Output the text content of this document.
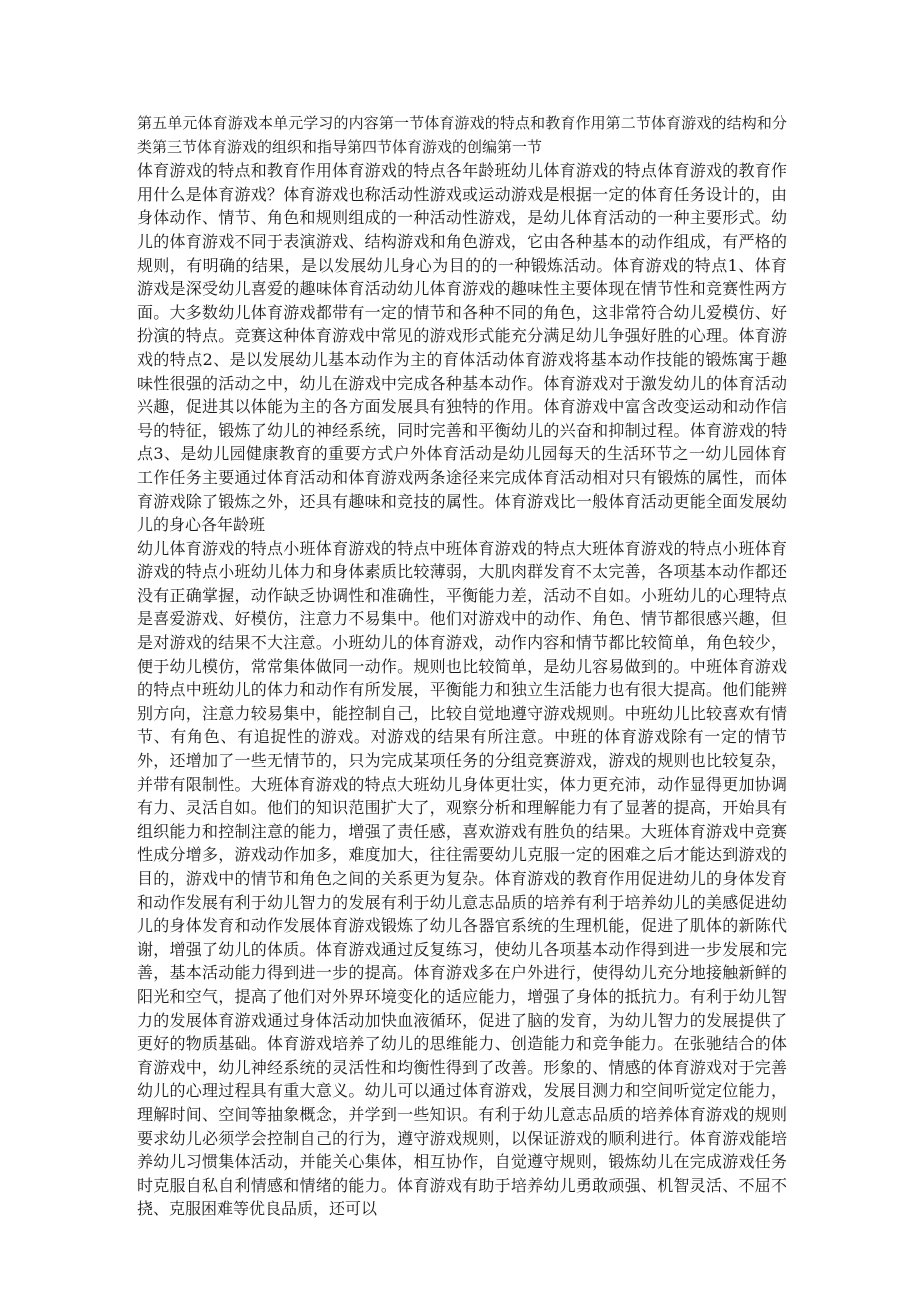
第五单元体育游戏本单元学习的内容第一节体育游戏的特点和教育作用第二节体育游戏的结构和分类第三节体育游戏的组织和指导第四节体育游戏的创编第一节

体育游戏的特点和教育作用体育游戏的特点各年龄班幼儿体育游戏的特点体育游戏的教育作用什么是体育游戏？体育游戏也称活动性游戏或运动游戏是根据一定的体育任务设计的，由身体动作、情节、角色和规则组成的一种活动性游戏，是幼儿体育活动的一种主要形式。幼儿的体育游戏不同于表演游戏、结构游戏和角色游戏，它由各种基本的动作组成，有严格的规则，有明确的结果，是以发展幼儿身心为目的的一种锻炼活动。体育游戏的特点1、体育游戏是深受幼儿喜爱的趣味体育活动幼儿体育游戏的趣味性主要体现在情节性和竞赛性两方面。大多数幼儿体育游戏都带有一定的情节和各种不同的角色，这非常符合幼儿爱模仿、好扮演的特点。竞赛这种体育游戏中常见的游戏形式能充分满足幼儿争强好胜的心理。体育游戏的特点2、是以发展幼儿基本动作为主的育体活动体育游戏将基本动作技能的锻炼寓于趣味性很强的活动之中，幼儿在游戏中完成各种基本动作。体育游戏对于激发幼儿的体育活动兴趣，促进其以体能为主的各方面发展具有独特的作用。体育游戏中富含改变运动和动作信号的特征，锻炼了幼儿的神经系统，同时完善和平衡幼儿的兴奋和抑制过程。体育游戏的特点3、是幼儿园健康教育的重要方式户外体育活动是幼儿园每天的生活环节之一幼儿园体育工作任务主要通过体育活动和体育游戏两条途径来完成体育活动相对只有锻炼的属性，而体育游戏除了锻炼之外，还具有趣味和竞技的属性。体育游戏比一般体育活动更能全面发展幼儿的身心各年龄班

幼儿体育游戏的特点小班体育游戏的特点中班体育游戏的特点大班体育游戏的特点小班体育游戏的特点小班幼儿体力和身体素质比较薄弱，大肌肉群发育不太完善，各项基本动作都还没有正确掌握，动作缺乏协调性和准确性，平衡能力差，活动不自如。小班幼儿的心理特点是喜爱游戏、好模仿，注意力不易集中。他们对游戏中的动作、角色、情节都很感兴趣，但是对游戏的结果不大注意。小班幼儿的体育游戏，动作内容和情节都比较简单，角色较少，便于幼儿模仿，常常集体做同一动作。规则也比较简单，是幼儿容易做到的。中班体育游戏的特点中班幼儿的体力和动作有所发展，平衡能力和独立生活能力也有很大提高。他们能辨别方向，注意力较易集中，能控制自己，比较自觉地遵守游戏规则。中班幼儿比较喜欢有情节、有角色、有追捉性的游戏。对游戏的结果有所注意。中班的体育游戏除有一定的情节外，还增加了一些无情节的，只为完成某项任务的分组竞赛游戏，游戏的规则也比较复杂，并带有限制性。大班体育游戏的特点大班幼儿身体更壮实，体力更充沛，动作显得更加协调有力、灵活自如。他们的知识范围扩大了，观察分析和理解能力有了显著的提高，开始具有组织能力和控制注意的能力，增强了责任感，喜欢游戏有胜负的结果。大班体育游戏中竞赛性成分增多，游戏动作加多，难度加大，往往需要幼儿克服一定的困难之后才能达到游戏的目的，游戏中的情节和角色之间的关系更为复杂。体育游戏的教育作用促进幼儿的身体发育和动作发展有利于幼儿智力的发展有利于幼儿意志品质的培养有利于培养幼儿的美感促进幼儿的身体发育和动作发展体育游戏锻炼了幼儿各器官系统的生理机能，促进了肌体的新陈代谢，增强了幼儿的体质。体育游戏通过反复练习，使幼儿各项基本动作得到进一步发展和完善，基本活动能力得到进一步的提高。体育游戏多在户外进行，使得幼儿充分地接触新鲜的阳光和空气，提高了他们对外界环境变化的适应能力，增强了身体的抵抗力。有利于幼儿智力的发展体育游戏通过身体活动加快血液循环，促进了脑的发育，为幼儿智力的发展提供了更好的物质基础。体育游戏培养了幼儿的思维能力、创造能力和竞争能力。在张驰结合的体育游戏中，幼儿神经系统的灵活性和均衡性得到了改善。形象的、情感的体育游戏对于完善幼儿的心理过程具有重大意义。幼儿可以通过体育游戏，发展目测力和空间听觉定位能力，理解时间、空间等抽象概念，并学到一些知识。有利于幼儿意志品质的培养体育游戏的规则要求幼儿必须学会控制自己的行为，遵守游戏规则，以保证游戏的顺利进行。体育游戏能培养幼儿习惯集体活动，并能关心集体，相互协作，自觉遵守规则，锻炼幼儿在完成游戏任务时克服自私自利情感和情绪的能力。体育游戏有助于培养幼儿勇敢顽强、机智灵活、不屈不挠、克服困难等优良品质，还可以
